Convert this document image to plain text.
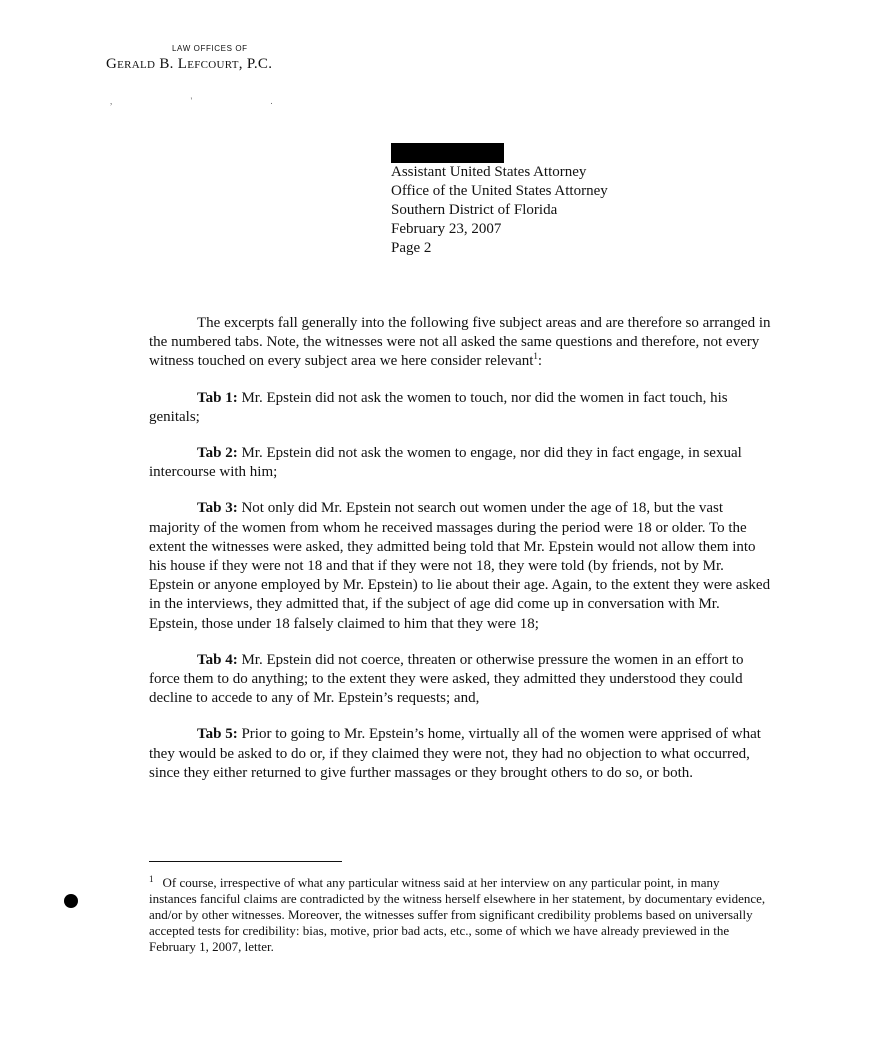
LAW OFFICES OF
Gerald B. Lefcourt, P.C.
, ' .
Assistant United States Attorney
Office of the United States Attorney
Southern District of Florida
February 23, 2007
Page 2

The excerpts fall generally into the following five subject areas and are therefore so arranged in the numbered tabs. Note, the witnesses were not all asked the same questions and therefore, not every witness touched on every subject area we here consider relevant$^1$:

Tab 1: Mr. Epstein did not ask the women to touch, nor did the women in fact touch, his genitals;

Tab 2: Mr. Epstein did not ask the women to engage, nor did they in fact engage, in sexual intercourse with him;

Tab 3: Not only did Mr. Epstein not search out women under the age of 18, but the vast majority of the women from whom he received massages during the period were 18 or older. To the extent the witnesses were asked, they admitted being told that Mr. Epstein would not allow them into his house if they were not 18 and that if they were not 18, they were told (by friends, not by Mr. Epstein or anyone employed by Mr. Epstein) to lie about their age. Again, to the extent they were asked in the interviews, they admitted that, if the subject of age did come up in conversation with Mr. Epstein, those under 18 falsely claimed to him that they were 18;

Tab 4: Mr. Epstein did not coerce, threaten or otherwise pressure the women in an effort to force them to do anything; to the extent they were asked, they admitted they understood they could decline to accede to any of Mr. Epstein’s requests; and,

Tab 5: Prior to going to Mr. Epstein’s home, virtually all of the women were apprised of what they would be asked to do or, if they claimed they were not, they had no objection to what occurred, since they either returned to give further massages or they brought others to do so, or both.

$^1$ Of course, irrespective of what any particular witness said at her interview on any particular point, in many instances fanciful claims are contradicted by the witness herself elsewhere in her statement, by documentary evidence, and/or by other witnesses. Moreover, the witnesses suffer from significant credibility problems based on universally accepted tests for credibility: bias, motive, prior bad acts, etc., some of which we have already previewed in the February 1, 2007, letter.
